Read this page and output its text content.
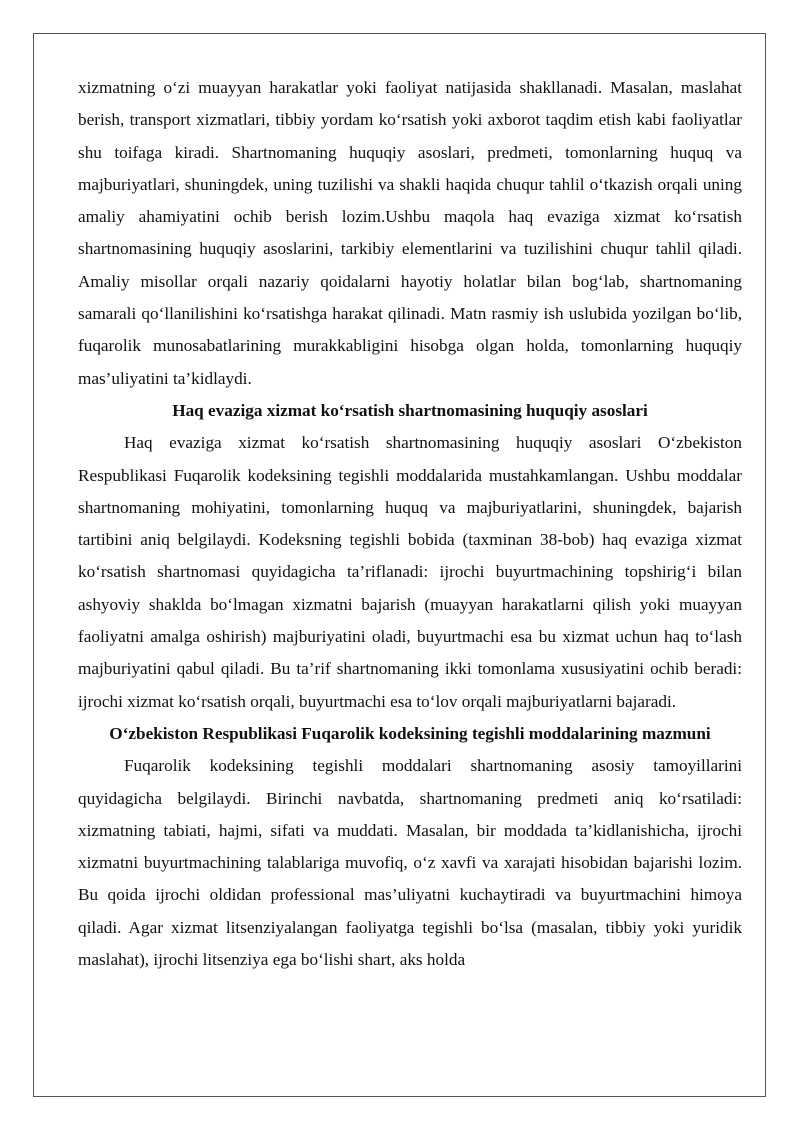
xizmatning o‘zi muayyan harakatlar yoki faoliyat natijasida shakllanadi. Masalan, maslahat berish, transport xizmatlari, tibbiy yordam ko‘rsatish yoki axborot taqdim etish kabi faoliyatlar shu toifaga kiradi. Shartnomaning huquqiy asoslari, predmeti, tomonlarning huquq va majburiyatlari, shuningdek, uning tuzilishi va shakli haqida chuqur tahlil o‘tkazish orqali uning amaliy ahamiyatini ochib berish lozim.Ushbu maqola haq evaziga xizmat ko‘rsatish shartnomasining huquqiy asoslarini, tarkibiy elementlarini va tuzilishini chuqur tahlil qiladi. Amaliy misollar orqali nazariy qoidalarni hayotiy holatlar bilan bog‘lab, shartnomaning samarali qo‘llanilishini ko‘rsatishga harakat qilinadi. Matn rasmiy ish uslubida yozilgan bo‘lib, fuqarolik munosabatlarining murakkabligini hisobga olgan holda, tomonlarning huquqiy mas’uliyatini ta’kidlaydi.

Haq evaziga xizmat ko‘rsatish shartnomasining huquqiy asoslari

Haq evaziga xizmat ko‘rsatish shartnomasining huquqiy asoslari O‘zbekiston Respublikasi Fuqarolik kodeksining tegishli moddalarida mustahkamlangan. Ushbu moddalar shartnomaning mohiyatini, tomonlarning huquq va majburiyatlarini, shuningdek, bajarish tartibini aniq belgilaydi. Kodeksning tegishli bobida (taxminan 38-bob) haq evaziga xizmat ko‘rsatish shartnomasi quyidagicha ta’riflanadi: ijrochi buyurtmachining topshirig‘i bilan ashyoviy shaklda bo‘lmagan xizmatni bajarish (muayyan harakatlarni qilish yoki muayyan faoliyatni amalga oshirish) majburiyatini oladi, buyurtmachi esa bu xizmat uchun haq to‘lash majburiyatini qabul qiladi. Bu ta’rif shartnomaning ikki tomonlama xususiyatini ochib beradi: ijrochi xizmat ko‘rsatish orqali, buyurtmachi esa to‘lov orqali majburiyatlarni bajaradi.

O‘zbekiston Respublikasi Fuqarolik kodeksining tegishli moddalarining mazmuni

Fuqarolik kodeksining tegishli moddalari shartnomaning asosiy tamoyillarini quyidagicha belgilaydi. Birinchi navbatda, shartnomaning predmeti aniq ko‘rsatiladi: xizmatning tabiati, hajmi, sifati va muddati. Masalan, bir moddada ta’kidlanishicha, ijrochi xizmatni buyurtmachining talablariga muvofiq, o‘z xavfi va xarajati hisobidan bajarishi lozim. Bu qoida ijrochi oldidan professional mas’uliyatni kuchaytiradi va buyurtmachini himoya qiladi. Agar xizmat litsenziyalangan faoliyatga tegishli bo‘lsa (masalan, tibbiy yoki yuridik maslahat), ijrochi litsenziya ega bo‘lishi shart, aks holda
